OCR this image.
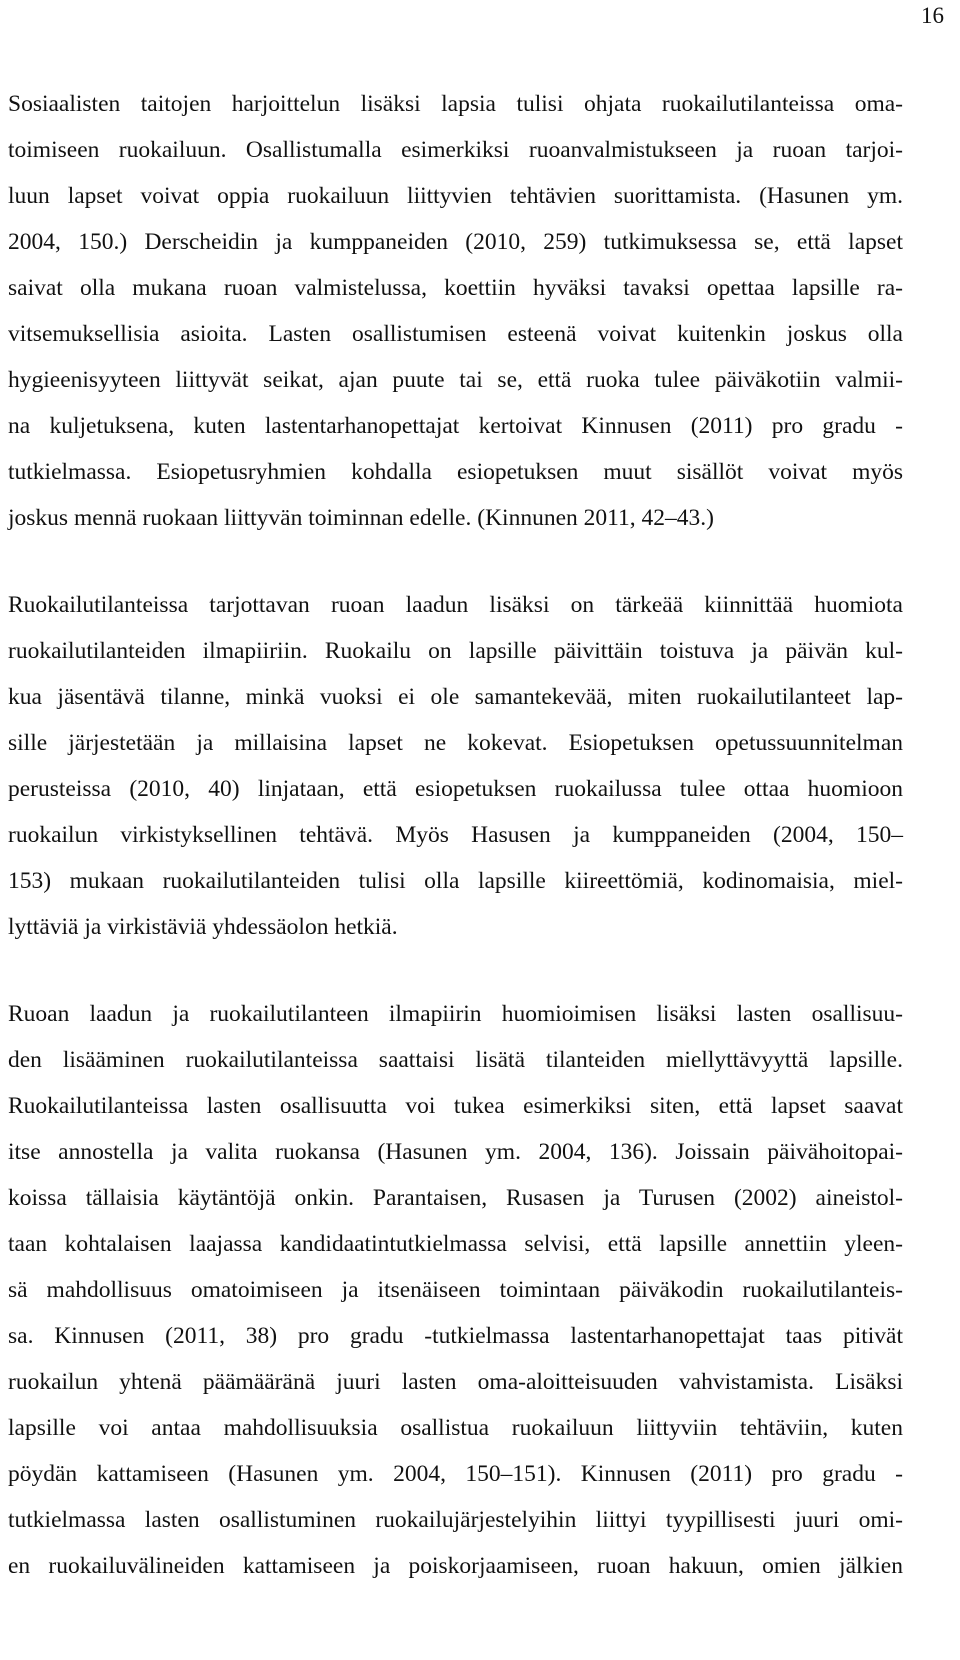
16
Sosiaalisten taitojen harjoittelun lisäksi lapsia tulisi ohjata ruokailutilanteissa oma-
toimiseen ruokailuun. Osallistumalla esimerkiksi ruoanvalmistukseen ja ruoan tarjoi-
luun lapset voivat oppia ruokailuun liittyvien tehtävien suorittamista. (Hasunen ym.
2004, 150.) Derscheidin ja kumppaneiden (2010, 259) tutkimuksessa se, että lapset
saivat olla mukana ruoan valmistelussa, koettiin hyväksi tavaksi opettaa lapsille ra-
vitsemuksellisia asioita. Lasten osallistumisen esteenä voivat kuitenkin joskus olla
hygieenisyyteen liittyvät seikat, ajan puute tai se, että ruoka tulee päiväkotiin valmii-
na kuljetuksena, kuten lastentarhanopettajat kertoivat Kinnusen (2011) pro gradu -
tutkielmassa. Esiopetusryhmien kohdalla esiopetuksen muut sisällöt voivat myös
joskus mennä ruokaan liittyvän toiminnan edelle. (Kinnunen 2011, 42–43.)
Ruokailutilanteissa tarjottavan ruoan laadun lisäksi on tärkeää kiinnittää huomiota
ruokailutilanteiden ilmapiiriin. Ruokailu on lapsille päivittäin toistuva ja päivän kul-
kua jäsentävä tilanne, minkä vuoksi ei ole samantekevää, miten ruokailutilanteet lap-
sille järjestetään ja millaisina lapset ne kokevat. Esiopetuksen opetussuunnitelman
perusteissa (2010, 40) linjataan, että esiopetuksen ruokailussa tulee ottaa huomioon
ruokailun virkistyksellinen tehtävä. Myös Hasusen ja kumppaneiden (2004, 150–
153) mukaan ruokailutilanteiden tulisi olla lapsille kiireettömiä, kodinomaisia, miel-
lyttäviä ja virkistäviä yhdessäolon hetkiä.
Ruoan laadun ja ruokailutilanteen ilmapiirin huomioimisen lisäksi lasten osallisuu-
den lisääminen ruokailutilanteissa saattaisi lisätä tilanteiden miellyttävyyttä lapsille.
Ruokailutilanteissa lasten osallisuutta voi tukea esimerkiksi siten, että lapset saavat
itse annostella ja valita ruokansa (Hasunen ym. 2004, 136). Joissain päivähoitopai-
koissa tällaisia käytäntöjä onkin. Parantaisen, Rusasen ja Turusen (2002) aineistol-
taan kohtalaisen laajassa kandidaatintutkielmassa selvisi, että lapsille annettiin yleen-
sä mahdollisuus omatoimiseen ja itsenäiseen toimintaan päiväkodin ruokailutilanteis-
sa. Kinnusen (2011, 38) pro gradu -tutkielmassa lastentarhanopettajat taas pitivät
ruokailun yhtenä päämääränä juuri lasten oma-aloitteisuuden vahvistamista. Lisäksi
lapsille voi antaa mahdollisuuksia osallistua ruokailuun liittyviin tehtäviin, kuten
pöydän kattamiseen (Hasunen ym. 2004, 150–151). Kinnusen (2011) pro gradu -
tutkielmassa lasten osallistuminen ruokailujärjestelyihin liittyi tyypillisesti juuri omi-
en ruokailuvälineiden kattamiseen ja poiskorjaamiseen, ruoan hakuun, omien jälkien
